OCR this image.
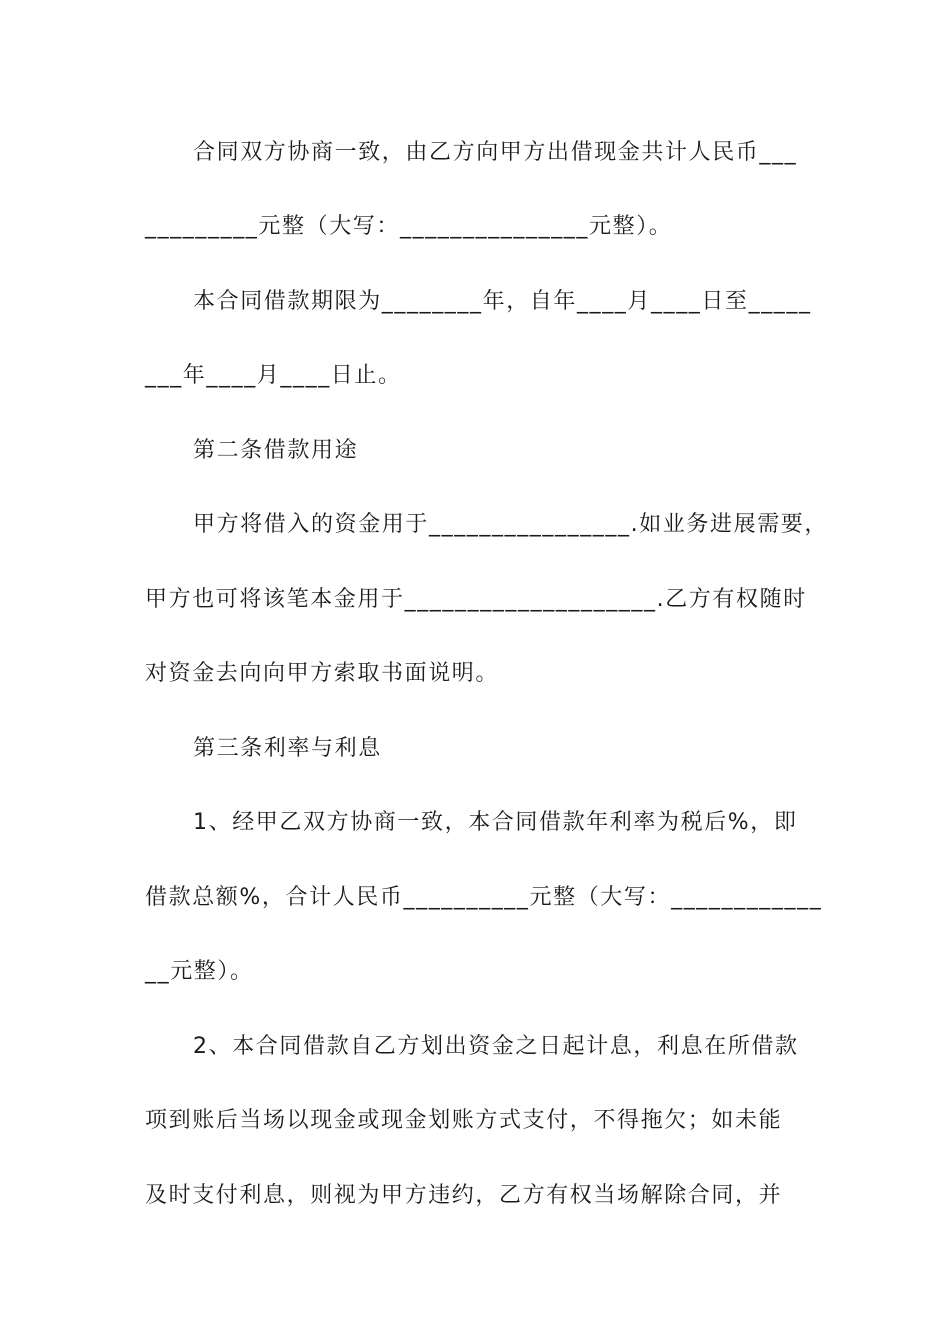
合同双方协商一致，由乙方向甲方出借现金共计人民币___
_________元整（大写：_______________元整）。
本合同借款期限为________年，自年____月____日至_____
___年____月____日止。
第二条借款用途
甲方将借入的资金用于________________.如业务进展需要，
甲方也可将该笔本金用于____________________.乙方有权随时
对资金去向向甲方索取书面说明。
第三条利率与利息
1、经甲乙双方协商一致，本合同借款年利率为税后%，即
借款总额%，合计人民币__________元整（大写：____________
__元整）。
2、本合同借款自乙方划出资金之日起计息，利息在所借款
项到账后当场以现金或现金划账方式支付，不得拖欠；如未能
及时支付利息，则视为甲方违约，乙方有权当场解除合同，并
